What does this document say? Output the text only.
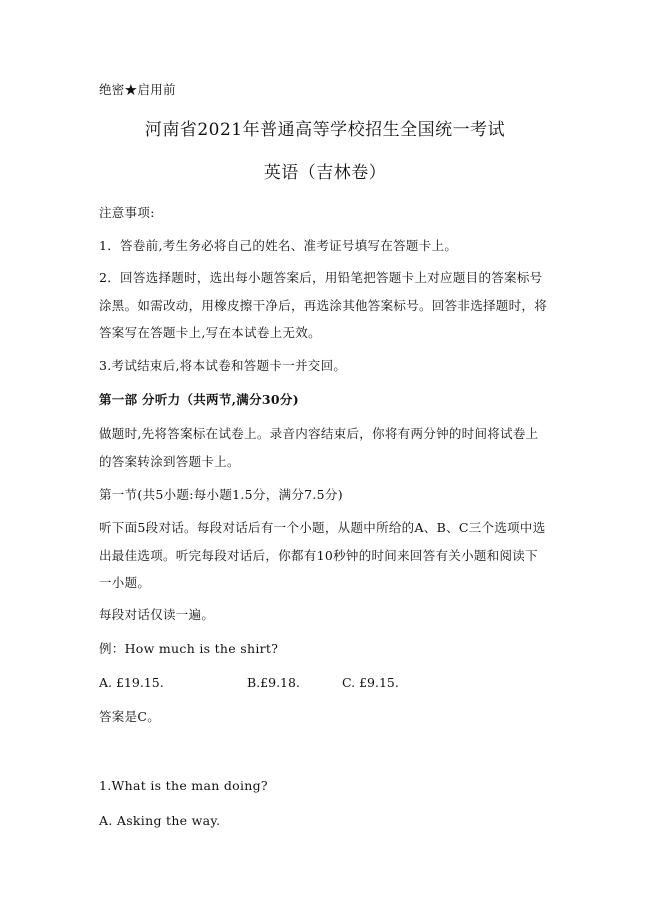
绝密★启用前
河南省2021年普通高等学校招生全国统一考试
英语（吉林卷）
注意事项:
1．答卷前,考生务必将自己的姓名、准考证号填写在答题卡上。
2．回答选择题时，选出每小题答案后，用铅笔把答题卡上对应题目的答案标号
涂黑。如需改动，用橡皮擦干净后，再选涂其他答案标号。回答非选择题时，将
答案写在答题卡上,写在本试卷上无效。
3.考试结束后,将本试卷和答题卡一并交回。
第一部 分听力（共两节,满分30分)
做题时,先将答案标在试卷上。录音内容结束后，你将有两分钟的时间将试卷上
的答案转涂到答题卡上。
第一节(共5小题:每小题1.5分，满分7.5分)
听下面5段对话。每段对话后有一个小题，从题中所给的A、B、C三个选项中选
出最佳选项。听完每段对话后，你都有10秒钟的时间来回答有关小题和阅读下
一小题。
每段对话仅读一遍。
例：How much is the shirt?
A. £19.15.	B.£9.18.	C. £9.15.
答案是C。
1.What is the man doing?
A. Asking the way.
